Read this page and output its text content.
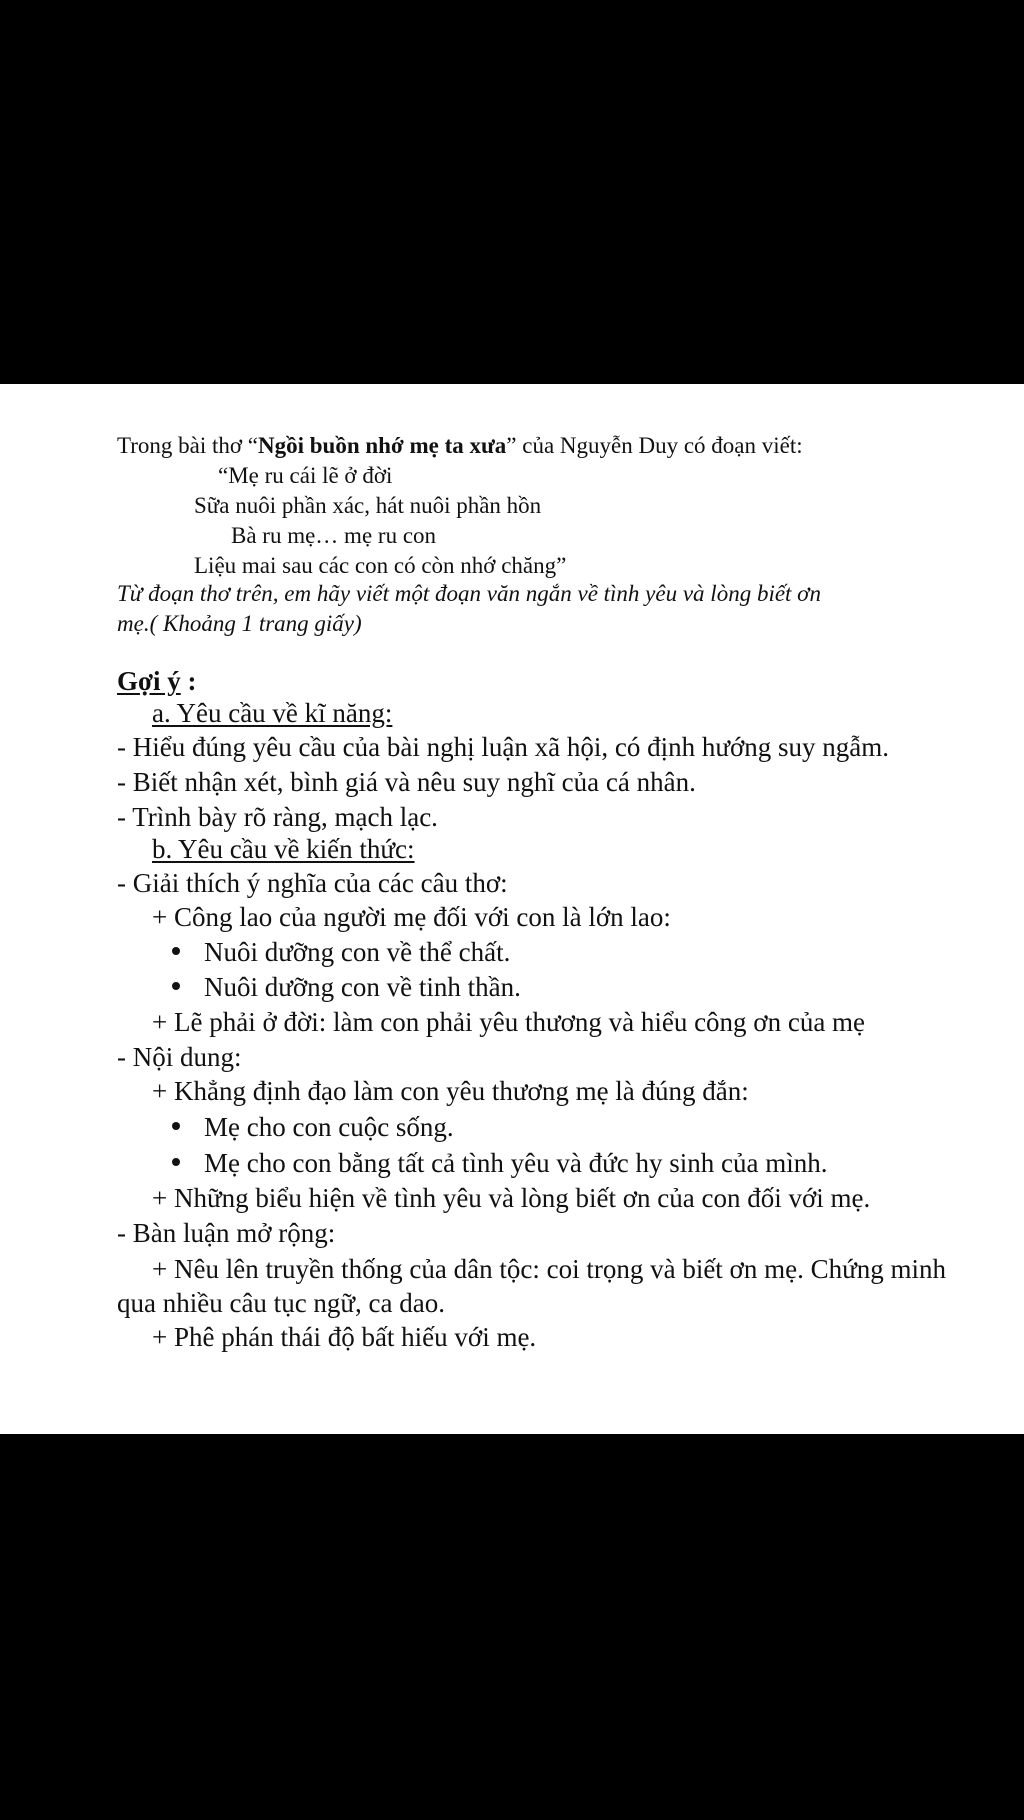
Trong bài thơ “Ngồi buồn nhớ mẹ ta xưa” của Nguyễn Duy có đoạn viết:
“Mẹ ru cái lẽ ở đời
Sữa nuôi phần xác, hát nuôi phần hồn
Bà ru mẹ… mẹ ru con
Liệu mai sau các con có còn nhớ chăng”
Từ đoạn thơ trên, em hãy viết một đoạn văn ngắn về tình yêu và lòng biết ơn
mẹ.( Khoảng 1 trang giấy)
Gợi ý :
a. Yêu cầu về kĩ năng:
- Hiểu đúng yêu cầu của bài nghị luận xã hội, có định hướng suy ngẫm.
- Biết nhận xét, bình giá và nêu suy nghĩ của cá nhân.
- Trình bày rõ ràng, mạch lạc.
b. Yêu cầu về kiến thức:
- Giải thích ý nghĩa của các câu thơ:
+ Công lao của người mẹ đối với con là lớn lao:
Nuôi dưỡng con về thể chất.
Nuôi dưỡng con về tinh thần.
+ Lẽ phải ở đời: làm con phải yêu thương và hiểu công ơn của mẹ
- Nội dung:
+ Khẳng định đạo làm con yêu thương mẹ là đúng đắn:
Mẹ cho con cuộc sống.
Mẹ cho con bằng tất cả tình yêu và đức hy sinh của mình.
+ Những biểu hiện về tình yêu và lòng biết ơn của con đối với mẹ.
- Bàn luận mở rộng:
+ Nêu lên truyền thống của dân tộc: coi trọng và biết ơn mẹ. Chứng minh
qua nhiều câu tục ngữ, ca dao.
+ Phê phán thái độ bất hiếu với mẹ.
